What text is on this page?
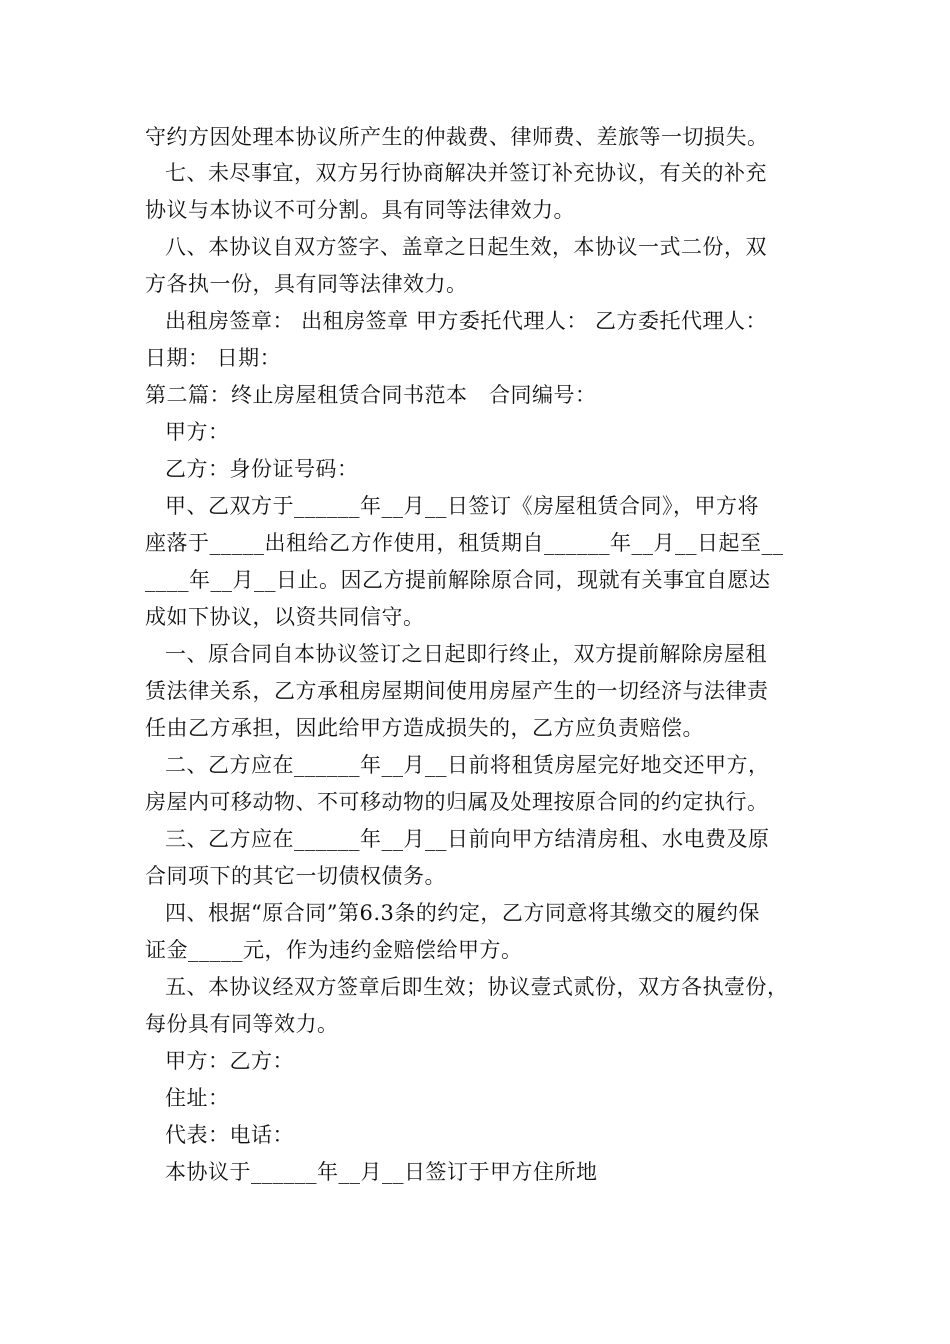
守约方因处理本协议所产生的仲裁费、律师费、差旅等一切损失。
七、未尽事宜，双方另行协商解决并签订补充协议，有关的补充
协议与本协议不可分割。具有同等法律效力。
八、本协议自双方签字、盖章之日起生效，本协议一式二份，双
方各执一份，具有同等法律效力。
出租房签章： 出租房签章 甲方委托代理人： 乙方委托代理人：
日期： 日期：
第二篇：终止房屋租赁合同书范本　合同编号：
甲方：
乙方：身份证号码：
甲、乙双方于______年__月__日签订《房屋租赁合同》，甲方将
座落于_____出租给乙方作使用，租赁期自______年__月__日起至__
____年__月__日止。因乙方提前解除原合同，现就有关事宜自愿达
成如下协议，以资共同信守。
一、原合同自本协议签订之日起即行终止，双方提前解除房屋租
赁法律关系，乙方承租房屋期间使用房屋产生的一切经济与法律责
任由乙方承担，因此给甲方造成损失的，乙方应负责赔偿。
二、乙方应在______年__月__日前将租赁房屋完好地交还甲方，
房屋内可移动物、不可移动物的归属及处理按原合同的约定执行。
三、乙方应在______年__月__日前向甲方结清房租、水电费及原
合同项下的其它一切债权债务。
四、根据“原合同”第6.3条的约定，乙方同意将其缴交的履约保
证金_____元，作为违约金赔偿给甲方。
五、本协议经双方签章后即生效；协议壹式贰份，双方各执壹份，
每份具有同等效力。
甲方：乙方：
住址：
代表：电话：
本协议于______年__月__日签订于甲方住所地
